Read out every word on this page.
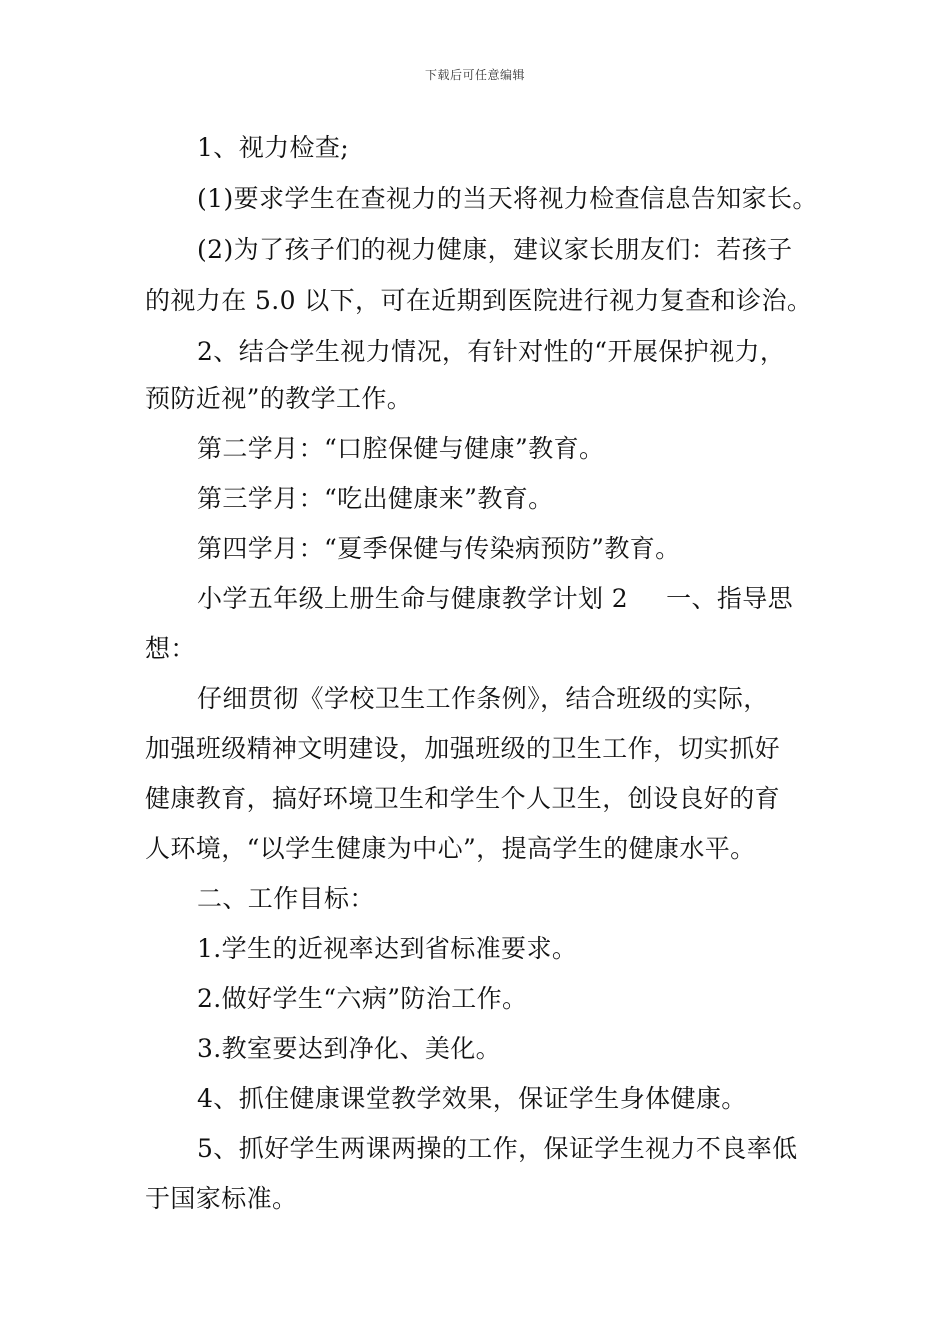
下载后可任意编辑
1、视力检查;
(1)要求学生在查视力的当天将视力检查信息告知家长。
(2)为了孩子们的视力健康，建议家长朋友们：若孩子
的视力在 5.0 以下，可在近期到医院进行视力复查和诊治。
2、结合学生视力情况，有针对性的“开展保护视力，
预防近视”的教学工作。
第二学月：“口腔保健与健康”教育。
第三学月：“吃出健康来”教育。
第四学月：“夏季保健与传染病预防”教育。
小学五年级上册生命与健康教学计划 2 一、指导思
想：
仔细贯彻《学校卫生工作条例》，结合班级的实际，
加强班级精神文明建设，加强班级的卫生工作，切实抓好
健康教育，搞好环境卫生和学生个人卫生，创设良好的育
人环境，“以学生健康为中心”，提高学生的健康水平。
二、工作目标：
1.学生的近视率达到省标准要求。
2.做好学生“六病”防治工作。
3.教室要达到净化、美化。
4、抓住健康课堂教学效果，保证学生身体健康。
5、抓好学生两课两操的工作，保证学生视力不良率低
于国家标准。
